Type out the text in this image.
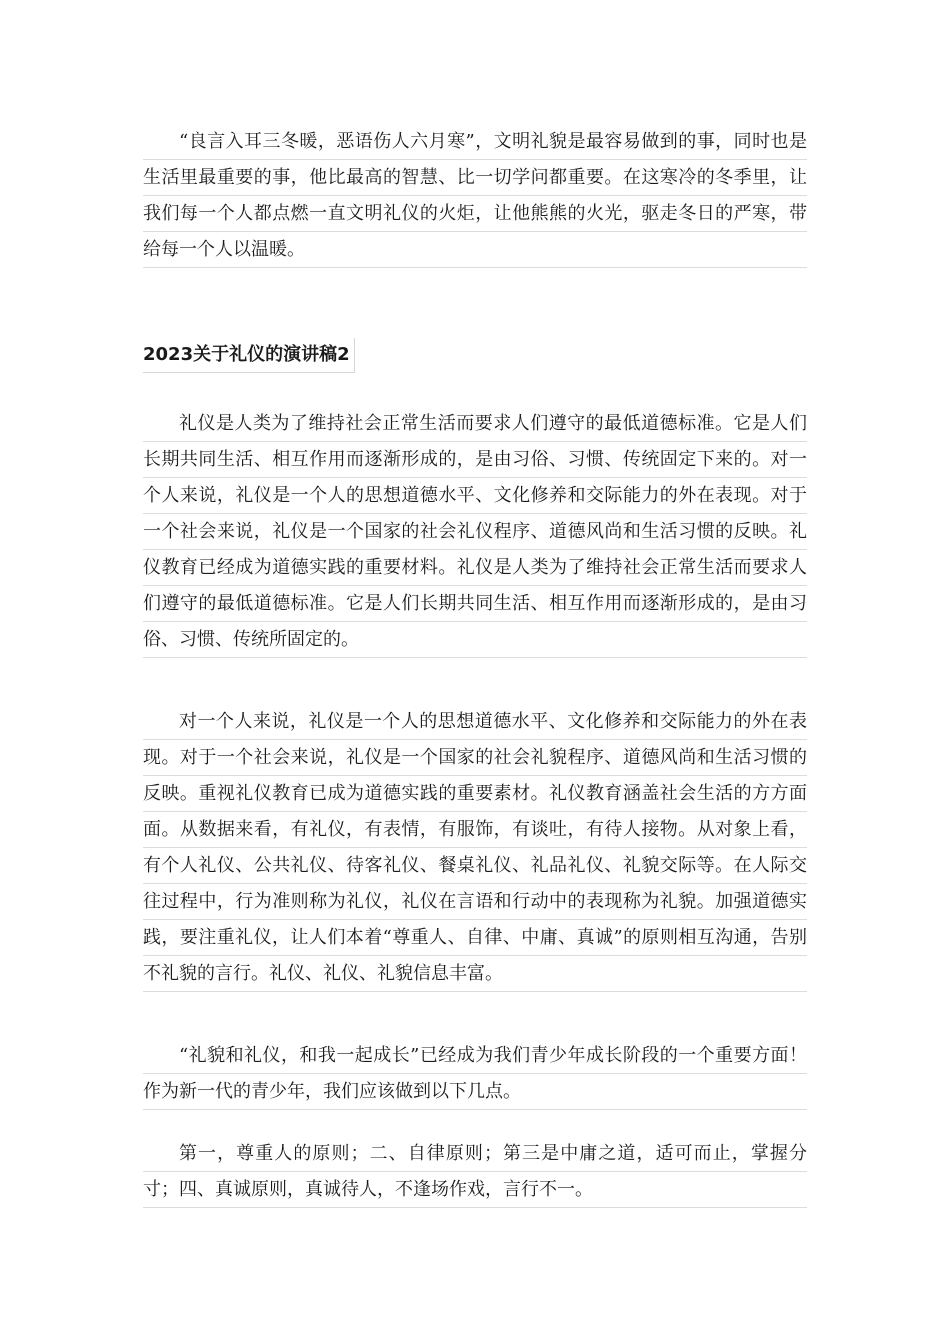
“良言入耳三冬暖，恶语伤人六月寒”，文明礼貌是最容易做到的事，同时也是生活里最重要的事，他比最高的智慧、比一切学问都重要。在这寒冷的冬季里，让我们每一个人都点燃一直文明礼仪的火炬，让他熊熊的火光，驱走冬日的严寒，带给每一个人以温暖。

2023关于礼仪的演讲稿2

礼仪是人类为了维持社会正常生活而要求人们遵守的最低道德标准。它是人们长期共同生活、相互作用而逐渐形成的，是由习俗、习惯、传统固定下来的。对一个人来说，礼仪是一个人的思想道德水平、文化修养和交际能力的外在表现。对于一个社会来说，礼仪是一个国家的社会礼仪程序、道德风尚和生活习惯的反映。礼仪教育已经成为道德实践的重要材料。礼仪是人类为了维持社会正常生活而要求人们遵守的最低道德标准。它是人们长期共同生活、相互作用而逐渐形成的，是由习俗、习惯、传统所固定的。

对一个人来说，礼仪是一个人的思想道德水平、文化修养和交际能力的外在表现。对于一个社会来说，礼仪是一个国家的社会礼貌程序、道德风尚和生活习惯的反映。重视礼仪教育已成为道德实践的重要素材。礼仪教育涵盖社会生活的方方面面。从数据来看，有礼仪，有表情，有服饰，有谈吐，有待人接物。从对象上看，有个人礼仪、公共礼仪、待客礼仪、餐桌礼仪、礼品礼仪、礼貌交际等。在人际交往过程中，行为准则称为礼仪，礼仪在言语和行动中的表现称为礼貌。加强道德实践，要注重礼仪，让人们本着“尊重人、自律、中庸、真诚”的原则相互沟通，告别不礼貌的言行。礼仪、礼仪、礼貌信息丰富。

“礼貌和礼仪，和我一起成长”已经成为我们青少年成长阶段的一个重要方面！作为新一代的青少年，我们应该做到以下几点。

第一，尊重人的原则；二、自律原则；第三是中庸之道，适可而止，掌握分寸；四、真诚原则，真诚待人，不逢场作戏，言行不一。
